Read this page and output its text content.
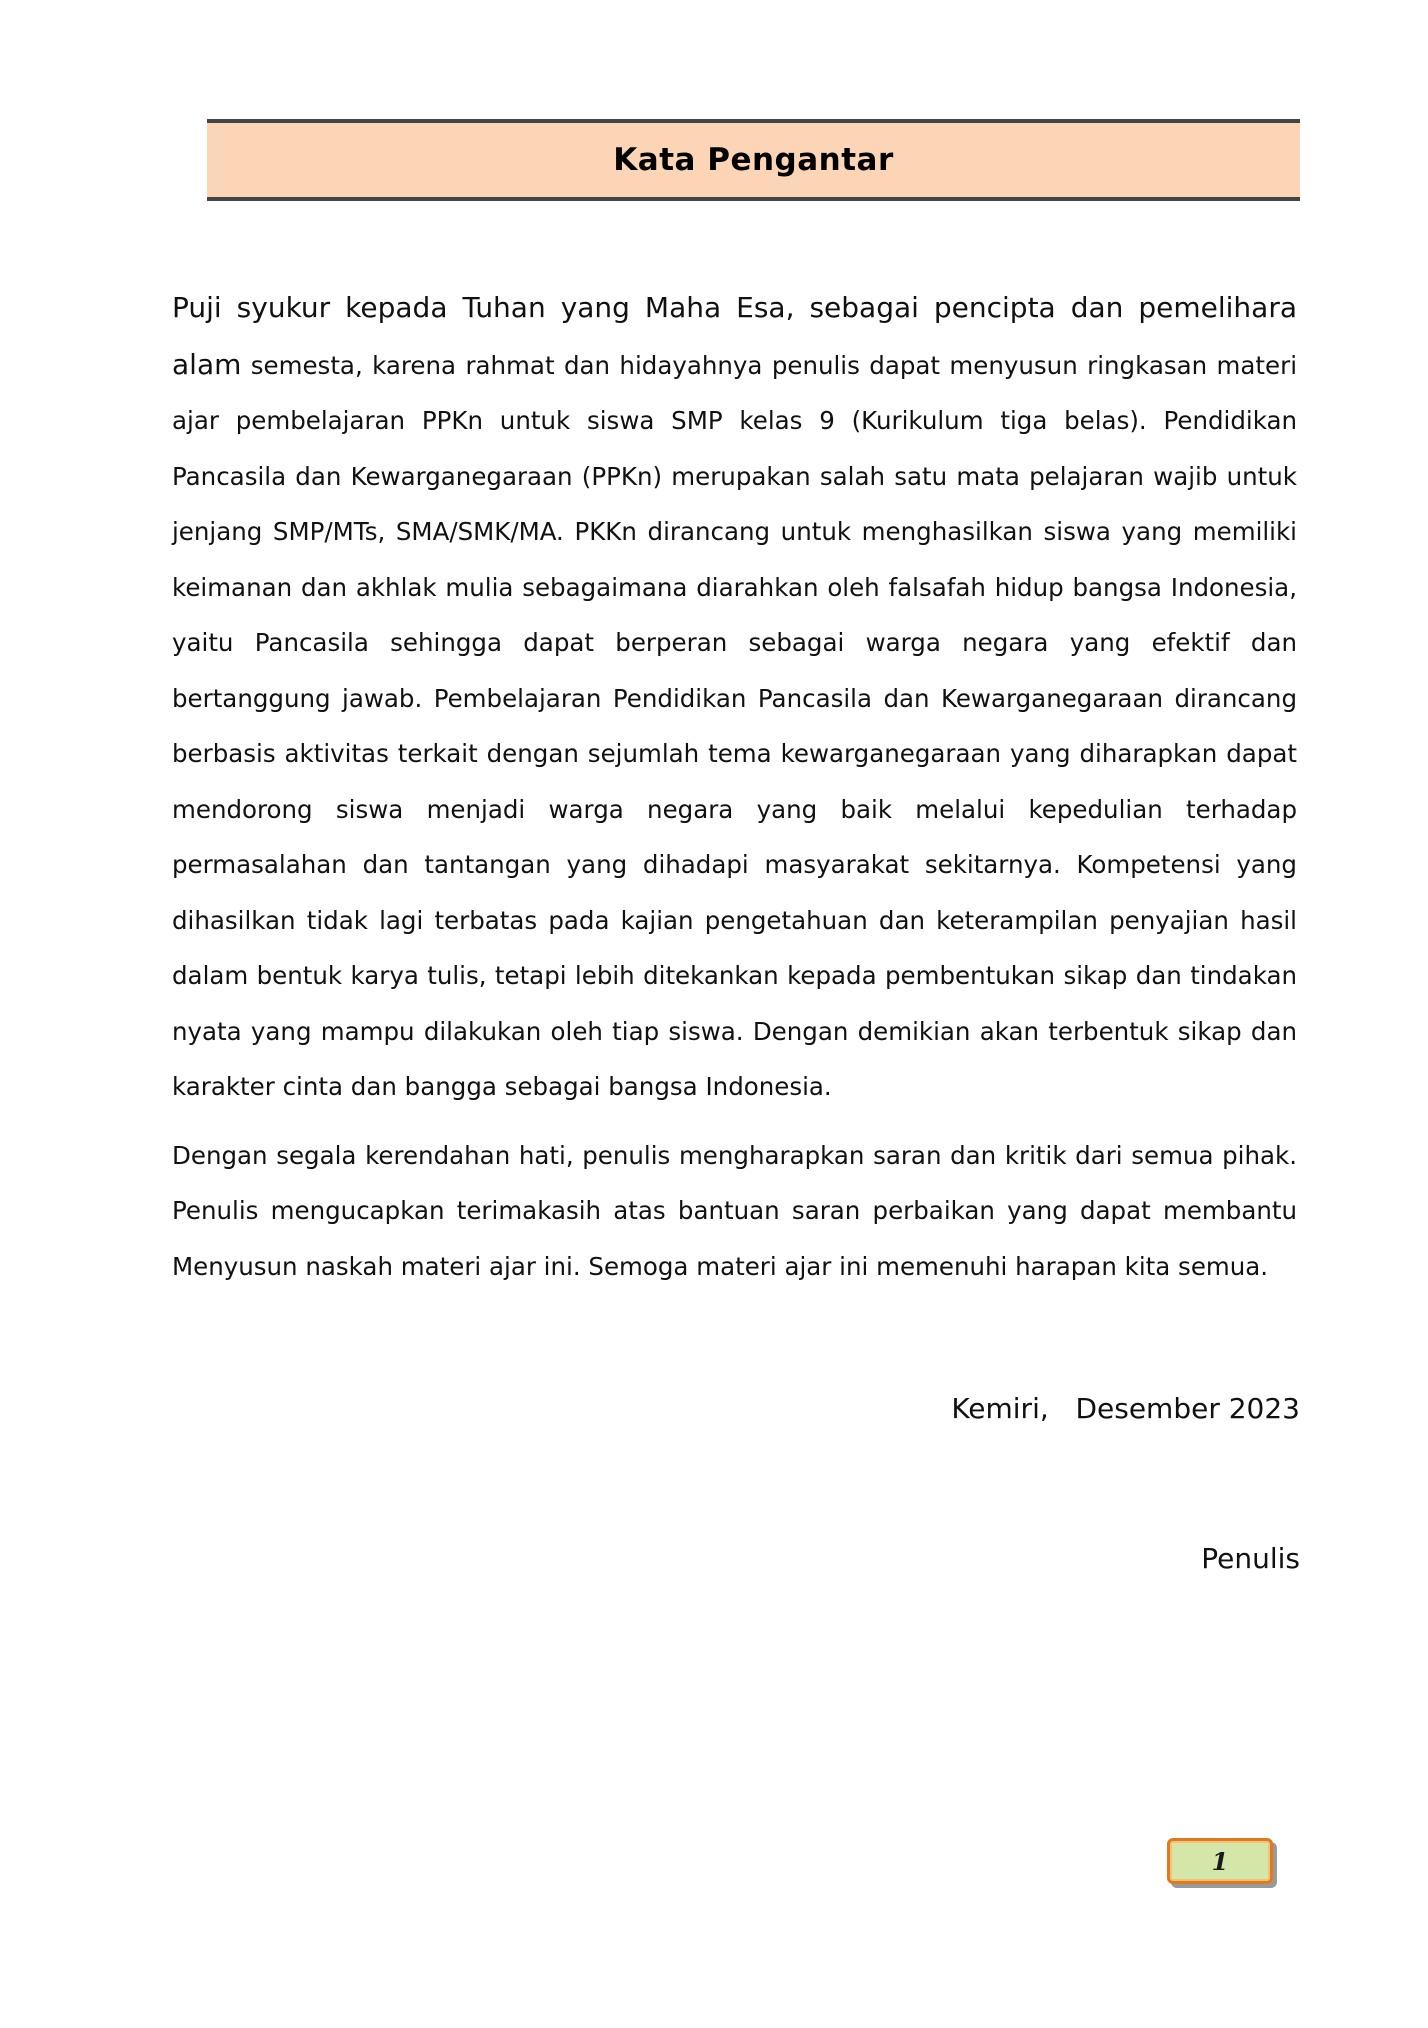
Kata Pengantar

Puji syukur kepada Tuhan yang Maha Esa, sebagai pencipta dan pemelihara alam semesta, karena rahmat dan hidayahnya penulis dapat menyusun ringkasan materi ajar pembelajaran PPKn untuk siswa SMP kelas 9 (Kurikulum tiga belas). Pendidikan Pancasila dan Kewarganegaraan (PPKn) merupakan salah satu mata pelajaran wajib untuk jenjang SMP/MTs, SMA/SMK/MA. PKKn dirancang untuk menghasilkan siswa yang memiliki keimanan dan akhlak mulia sebagaimana diarahkan oleh falsafah hidup bangsa Indonesia, yaitu Pancasila sehingga dapat berperan sebagai warga negara yang efektif dan bertanggung jawab. Pembelajaran Pendidikan Pancasila dan Kewarganegaraan dirancang berbasis aktivitas terkait dengan sejumlah tema kewarganegaraan yang diharapkan dapat mendorong siswa menjadi warga negara yang baik melalui kepedulian terhadap permasalahan dan tantangan yang dihadapi masyarakat sekitarnya. Kompetensi yang dihasilkan tidak lagi terbatas pada kajian pengetahuan dan keterampilan penyajian hasil dalam bentuk karya tulis, tetapi lebih ditekankan kepada pembentukan sikap dan tindakan nyata yang mampu dilakukan oleh tiap siswa. Dengan demikian akan terbentuk sikap dan karakter cinta dan bangga sebagai bangsa Indonesia.

Dengan segala kerendahan hati, penulis mengharapkan saran dan kritik dari semua pihak. Penulis mengucapkan terimakasih atas bantuan saran perbaikan yang dapat membantu Menyusun naskah materi ajar ini. Semoga materi ajar ini memenuhi harapan kita semua.

Kemiri,   Desember 2023
Penulis
1
